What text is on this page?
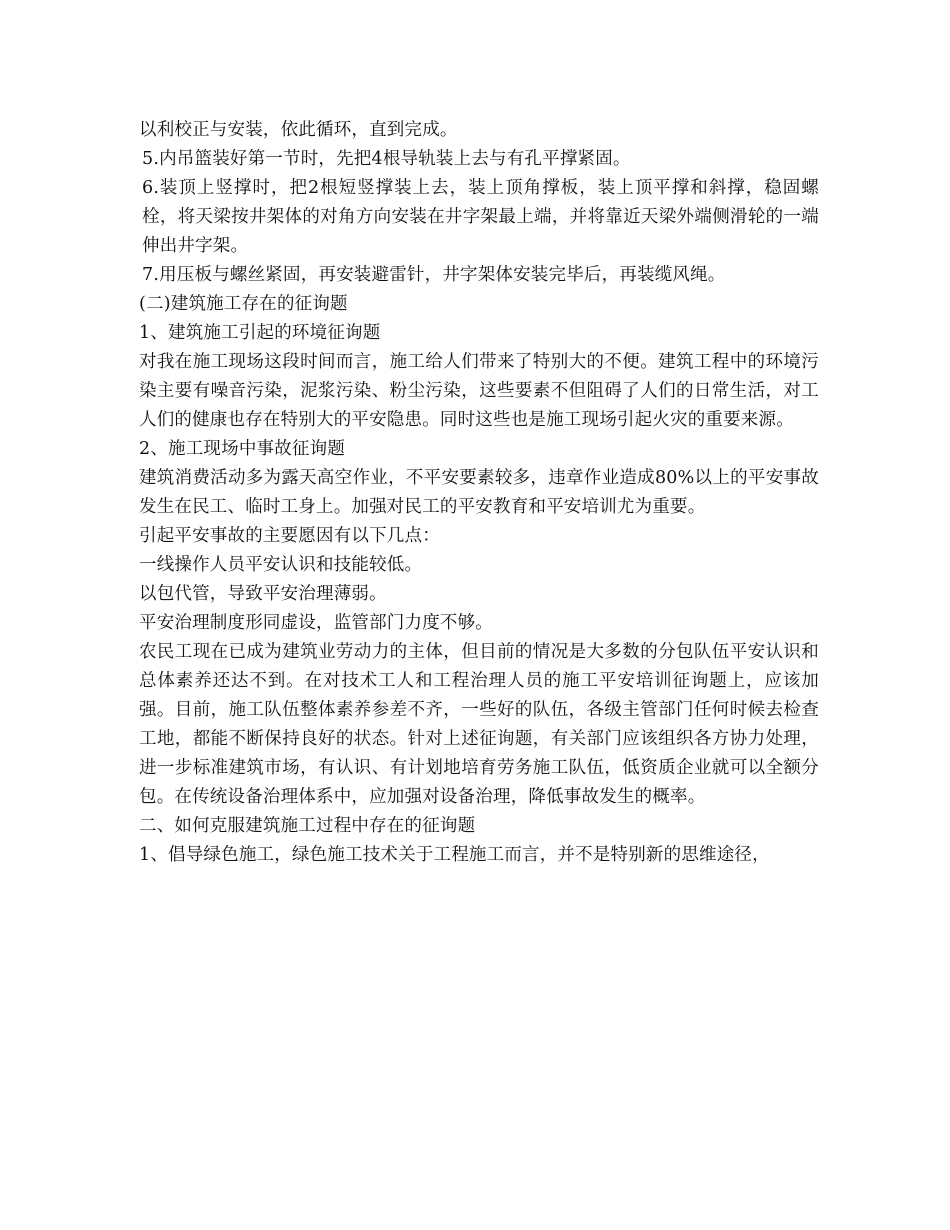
以利校正与安装，依此循环，直到完成。

5.内吊篮装好第一节时，先把4根导轨装上去与有孔平撑紧固。

6.装顶上竖撑时，把2根短竖撑装上去，装上顶角撑板，装上顶平撑和斜撑，稳固螺栓，将天梁按井架体的对角方向安装在井字架最上端，并将靠近天梁外端侧滑轮的一端伸出井字架。

7.用压板与螺丝紧固，再安装避雷针，井字架体安装完毕后，再装缆风绳。

(二)建筑施工存在的征询题

1、建筑施工引起的环境征询题

对我在施工现场这段时间而言，施工给人们带来了特别大的不便。建筑工程中的环境污染主要有噪音污染，泥浆污染、粉尘污染，这些要素不但阻碍了人们的日常生活，对工人们的健康也存在特别大的平安隐患。同时这些也是施工现场引起火灾的重要来源。

2、施工现场中事故征询题

建筑消费活动多为露天高空作业，不平安要素较多，违章作业造成80%以上的平安事故发生在民工、临时工身上。加强对民工的平安教育和平安培训尤为重要。

引起平安事故的主要愿因有以下几点：

一线操作人员平安认识和技能较低。

以包代管，导致平安治理薄弱。

平安治理制度形同虚设，监管部门力度不够。

农民工现在已成为建筑业劳动力的主体，但目前的情况是大多数的分包队伍平安认识和总体素养还达不到。在对技术工人和工程治理人员的施工平安培训征询题上，应该加强。目前，施工队伍整体素养参差不齐，一些好的队伍，各级主管部门任何时候去检查工地，都能不断保持良好的状态。针对上述征询题，有关部门应该组织各方协力处理，进一步标准建筑市场，有认识、有计划地培育劳务施工队伍，低资质企业就可以全额分包。在传统设备治理体系中，应加强对设备治理，降低事故发生的概率。

二、如何克服建筑施工过程中存在的征询题

1、倡导绿色施工，绿色施工技术关于工程施工而言，并不是特别新的思维途径，
